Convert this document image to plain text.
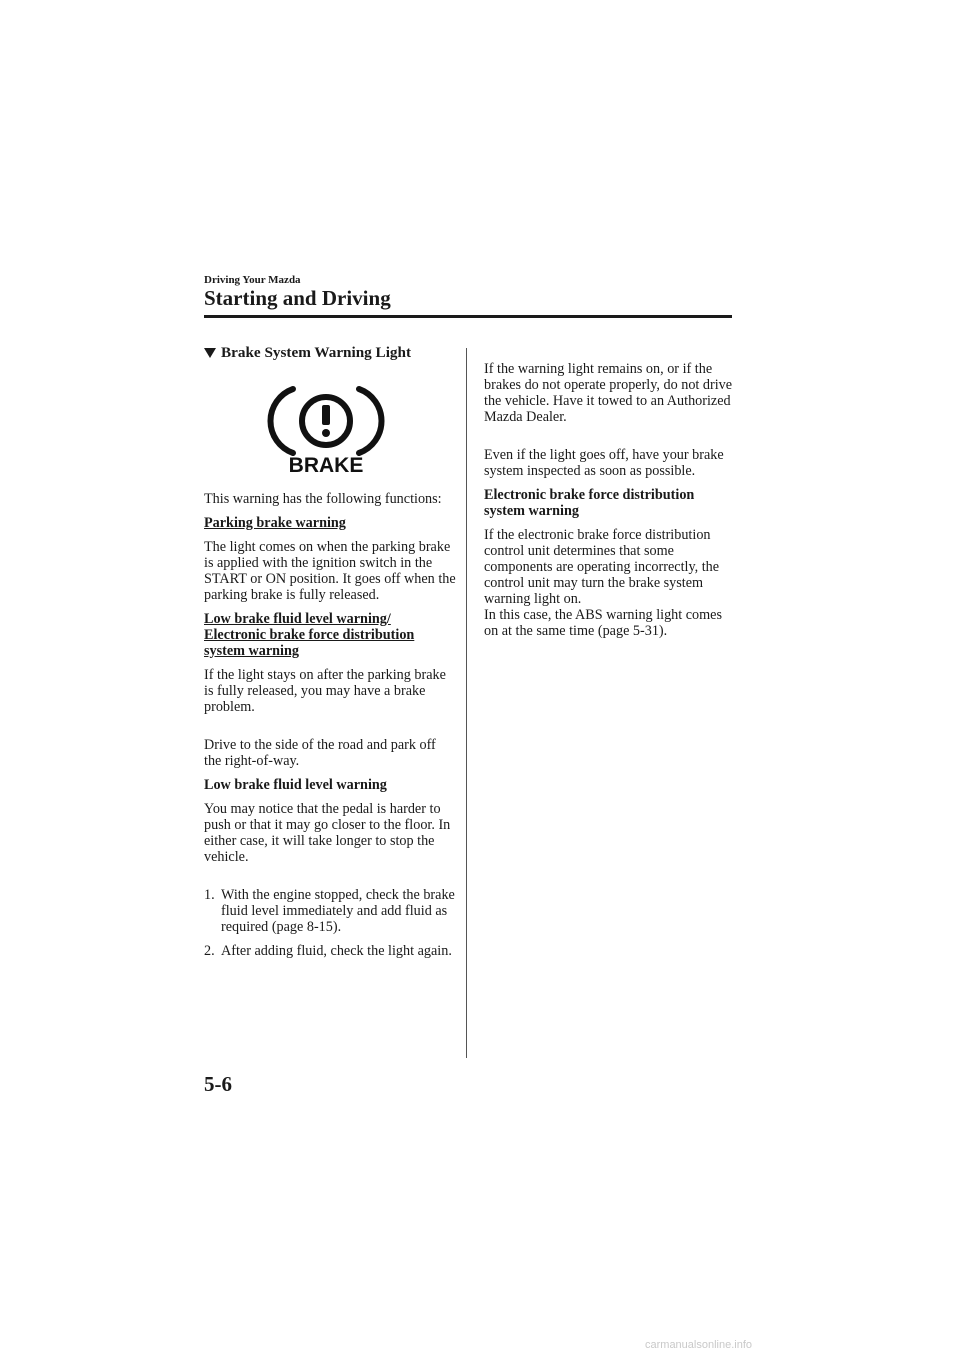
Driving Your Mazda
Starting and Driving
Brake System Warning Light
BRAKE

This warning has the following functions:

Parking brake warning

The light comes on when the parking brake is applied with the ignition switch in the START or ON position. It goes off when the parking brake is fully released.

Low brake fluid level warning/
Electronic brake force distribution
system warning

If the light stays on after the parking brake is fully released, you may have a brake problem.

Drive to the side of the road and park off the right-of-way.

Low brake fluid level warning

You may notice that the pedal is harder to push or that it may go closer to the floor. In either case, it will take longer to stop the vehicle.

1. With the engine stopped, check the brake fluid level immediately and add fluid as required (page 8-15).
2. After adding fluid, check the light again.

If the warning light remains on, or if the brakes do not operate properly, do not drive the vehicle. Have it towed to an Authorized Mazda Dealer.

Even if the light goes off, have your brake system inspected as soon as possible.

Electronic brake force distribution system warning

If the electronic brake force distribution control unit determines that some components are operating incorrectly, the control unit may turn the brake system warning light on.

In this case, the ABS warning light comes on at the same time (page 5-31).

5-6
carmanualsonline.info
